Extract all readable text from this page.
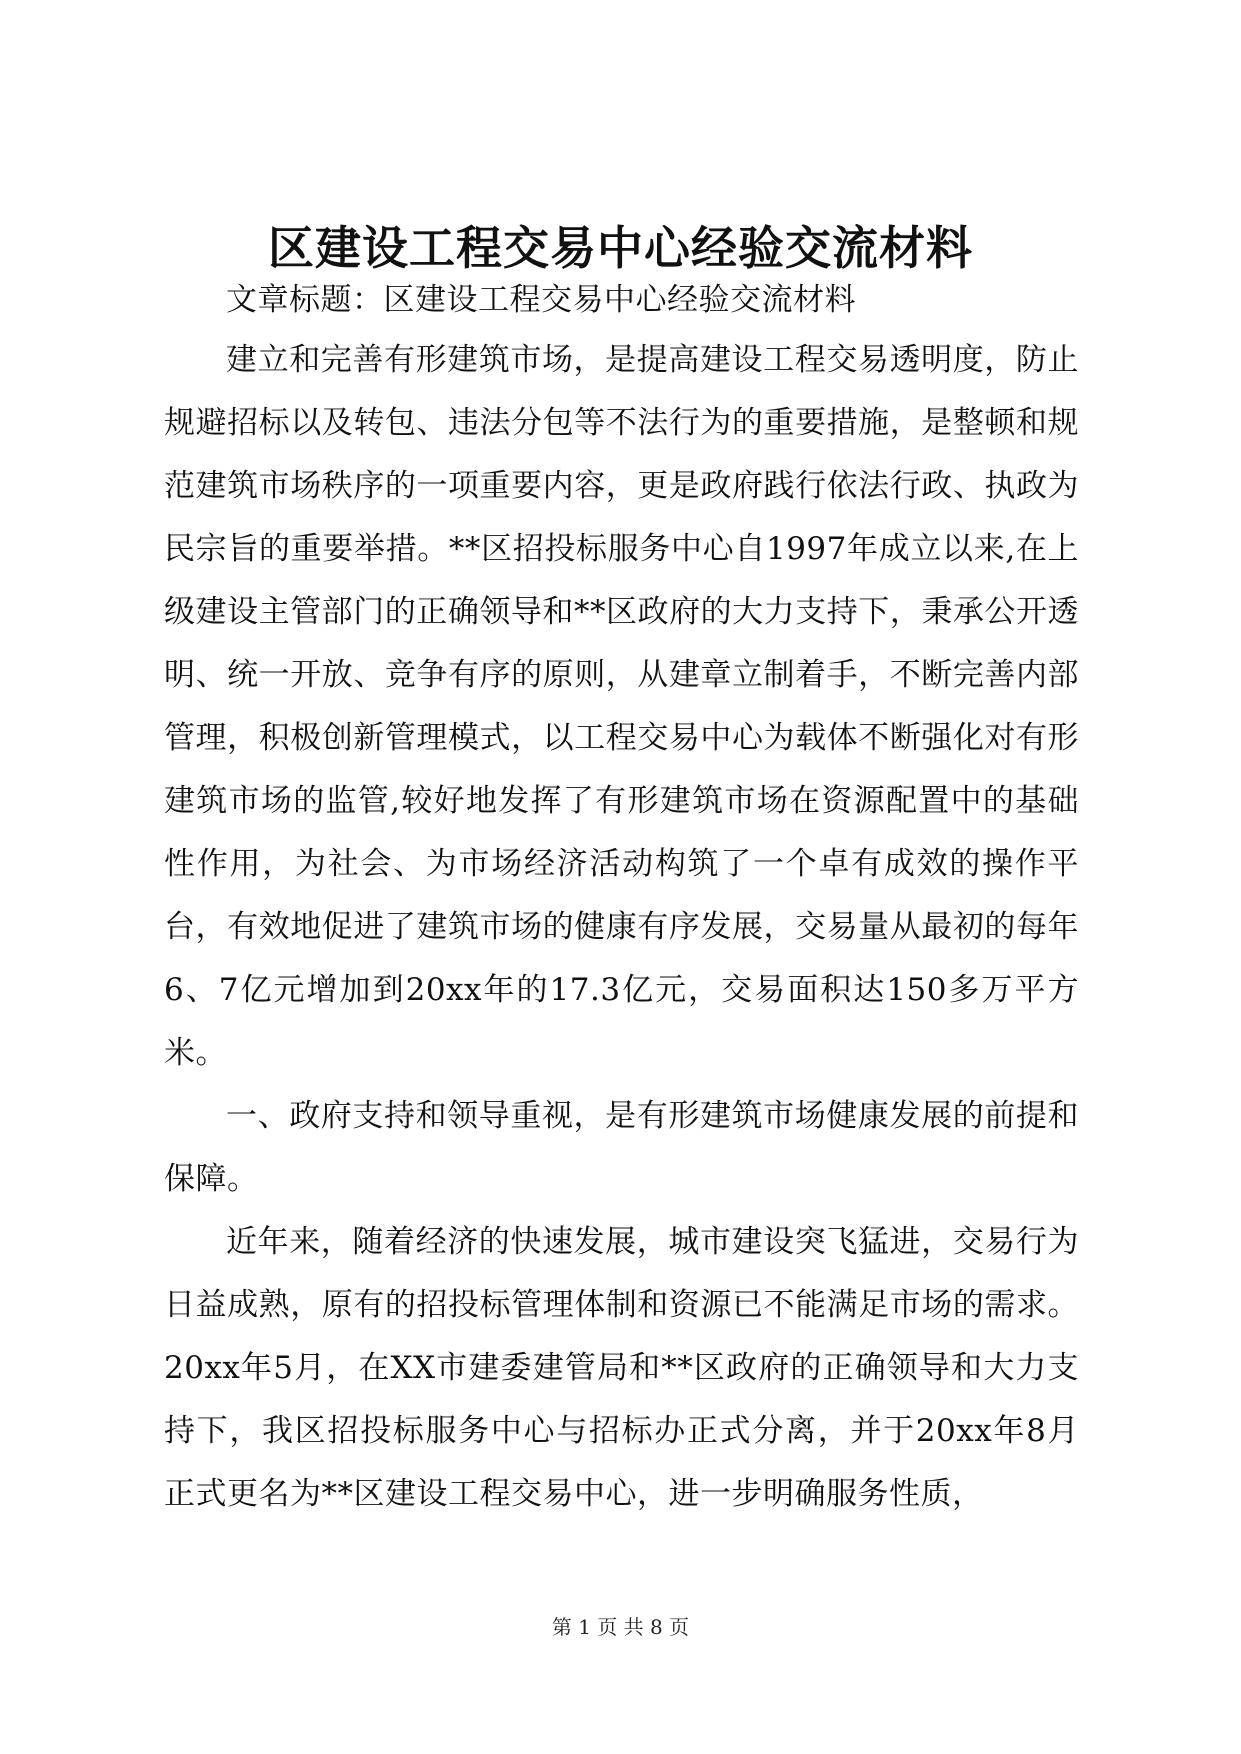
区建设工程交易中心经验交流材料

文章标题：区建设工程交易中心经验交流材料

建立和完善有形建筑市场，是提高建设工程交易透明度，防止规避招标以及转包、违法分包等不法行为的重要措施，是整顿和规范建筑市场秩序的一项重要内容，更是政府践行依法行政、执政为民宗旨的重要举措。**区招投标服务中心自1997年成立以来,在上级建设主管部门的正确领导和**区政府的大力支持下，秉承公开透明、统一开放、竞争有序的原则，从建章立制着手，不断完善内部管理，积极创新管理模式，以工程交易中心为载体不断强化对有形建筑市场的监管,较好地发挥了有形建筑市场在资源配置中的基础性作用，为社会、为市场经济活动构筑了一个卓有成效的操作平台，有效地促进了建筑市场的健康有序发展，交易量从最初的每年6、7亿元增加到20xx年的17.3亿元，交易面积达150多万平方米。

一、政府支持和领导重视，是有形建筑市场健康发展的前提和保障。

近年来，随着经济的快速发展，城市建设突飞猛进，交易行为日益成熟，原有的招投标管理体制和资源已不能满足市场的需求。20xx年5月，在XX市建委建管局和**区政府的正确领导和大力支持下，我区招投标服务中心与招标办正式分离，并于20xx年8月正式更名为**区建设工程交易中心，进一步明确服务性质，

第 1 页 共 8 页
